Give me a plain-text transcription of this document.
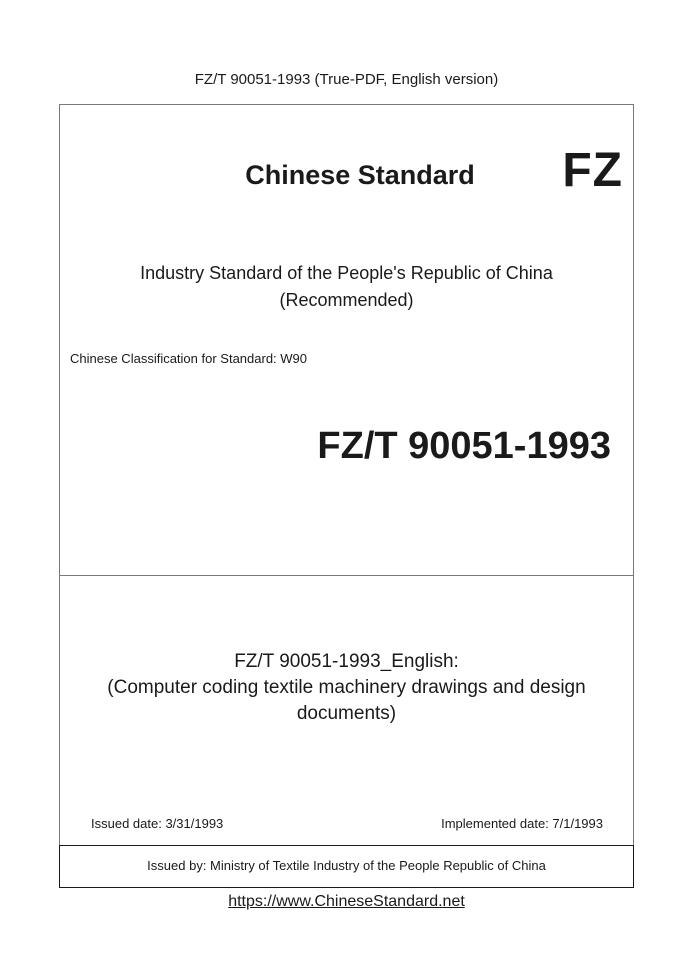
FZ/T 90051-1993 (True-PDF, English version)
Chinese Standard	FZ
Industry Standard of the People's Republic of China
(Recommended)
Chinese Classification for Standard: W90
FZ/T 90051-1993
FZ/T 90051-1993_English:
(Computer coding textile machinery drawings and design
documents)
Issued date: 3/31/1993	Implemented date: 7/1/1993
Issued by: Ministry of Textile Industry of the People Republic of China
https://www.ChineseStandard.net
